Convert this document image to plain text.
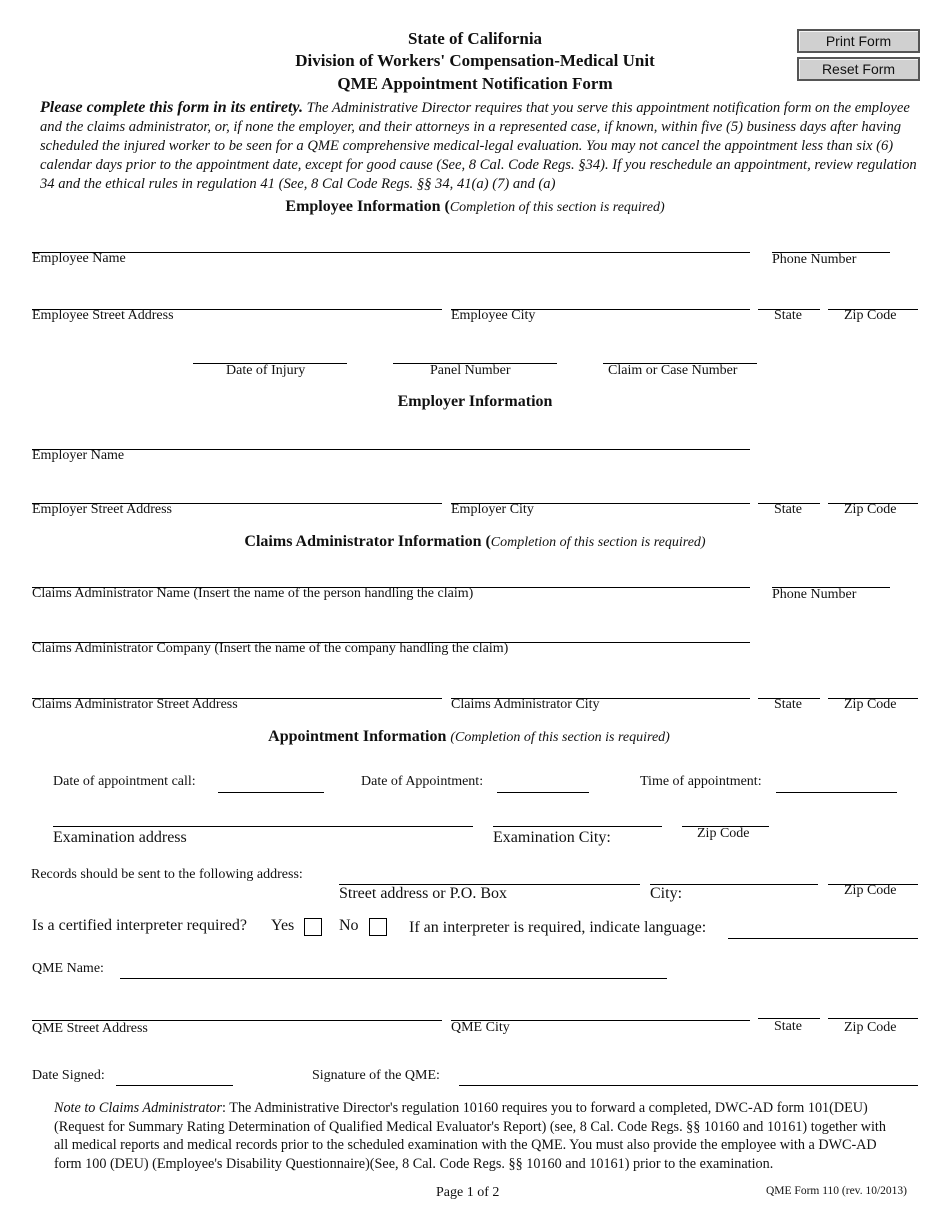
State of California
Division of Workers' Compensation-Medical Unit
QME Appointment Notification Form
Print Form
Reset Form
Please complete this form in its entirety. The Administrative Director requires that you serve this appointment notification form on the employee and the claims administrator, or, if none the employer, and their attorneys in a represented case, if known, within five (5) business days after having scheduled the injured worker to be seen for a QME comprehensive medical-legal evaluation. You may not cancel the appointment less than six (6) calendar days prior to the appointment date, except for good cause (See, 8 Cal. Code Regs. §34). If you reschedule an appointment, review regulation 34 and the ethical rules in regulation 41 (See, 8 Cal Code Regs. §§ 34, 41(a) (7) and (a)
Employee Information (Completion of this section is required)
Employee Name	Phone Number
Employee Street Address	Employee City	State	Zip Code
Date of Injury	Panel Number	Claim or Case Number
Employer Information
Employer Name
Employer Street Address	Employer City	State	Zip Code
Claims Administrator Information (Completion of this section is required)
Claims Administrator Name (Insert the name of the person handling the claim)	Phone Number
Claims Administrator Company (Insert the name of the company handling the claim)
Claims Administrator Street Address	Claims Administrator City	State	Zip Code
Appointment Information (Completion of this section is required)
Date of appointment call:	Date of Appointment:	Time of appointment:
Examination address	Examination City:	Zip Code
Records should be sent to the following address:
Street address or P.O. Box	City:	Zip Code
Is a certified interpreter required? Yes	No	If an interpreter is required, indicate language:
QME Name:
QME Street Address	QME City	State	Zip Code
Date Signed:	Signature of the QME:
Note to Claims Administrator: The Administrative Director's regulation 10160 requires you to forward a completed, DWC-AD form 101(DEU) (Request for Summary Rating Determination of Qualified Medical Evaluator's Report) (see, 8 Cal. Code Regs. §§ 10160 and 10161) together with all medical reports and medical records prior to the scheduled examination with the QME. You must also provide the employee with a DWC-AD form 100 (DEU) (Employee's Disability Questionnaire)(See, 8 Cal. Code Regs. §§ 10160 and 10161) prior to the examination.
Page 1 of 2	QME Form 110 (rev. 10/2013)
